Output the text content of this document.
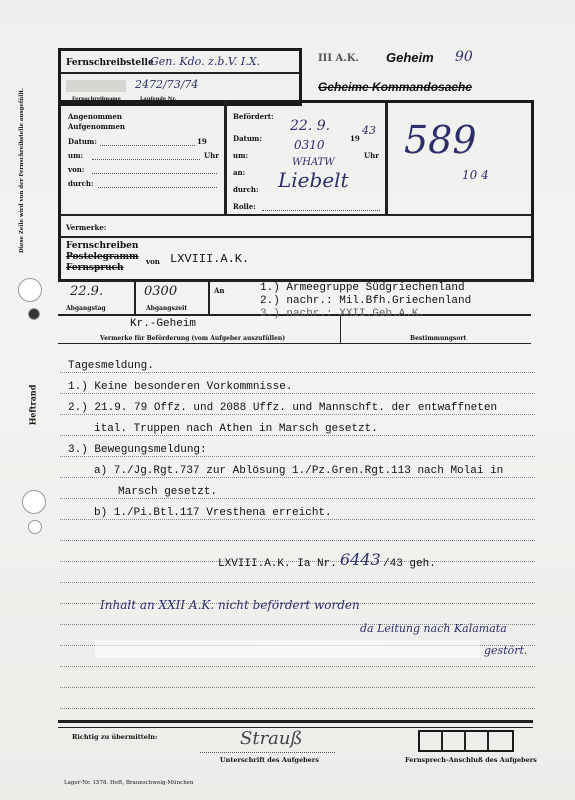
Diese Zeile wird von der Fernschreibstelle ausgefüllt.
Heftrand
Fernschreibstelle
Gen. Kdo. z.b.V. I.X.	III A.K. Geheim 90
Geheime Kommandosache
2472/73/74
Fernschreibname	Laufende Nr.
Angenommen
Aufgenommen
Datum:	19
um:	Uhr
von:
durch:
Befördert:
Datum:
22. 9.
19
43
um:
0310
Uhr
an:
WHATW
durch: Liebelt
Rolle:
589
10 4
Vermerke:
Fernschreiben
Postelegramm
Fernspruch
von LXVIII.A.K.
22.9.
Abgangstag
0300
Abgangszeit
An	1.) Armeegruppe Südgriechenland
2.) nachr.: Mil.Bfh.Griechenland
3.) nachr.: XXII.Geb.A.K.
Kr.-Geheim
Vermerke für Beförderung (vom Aufgeber auszufüllen)	Bestimmungsort
Tagesmeldung.
1.) Keine besonderen Vorkommnisse.
2.) 21.9. 79 Offz. und 2088 Uffz. und Mannschft. der entwaffneten
ital. Truppen nach Athen in Marsch gesetzt.
3.) Bewegungsmeldung:
a) 7./Jg.Rgt.737 zur Ablösung 1./Pz.Gren.Rgt.113 nach Molai in
Marsch gesetzt.
b) 1./Pi.Btl.117 Vresthena erreicht.
LXVIII.A.K. Ia Nr. 6443 /43 geh.
Inhalt an XXII A.K. nicht befördert worden
da Leitung nach Kalamata
gestört.
Richtig zu übermitteln:	Strauß
Unterschrift des Aufgebers	Fernsprech-Anschluß des Aufgebers
Lager-Nr. 1578. Heft, Braunschweig-München
